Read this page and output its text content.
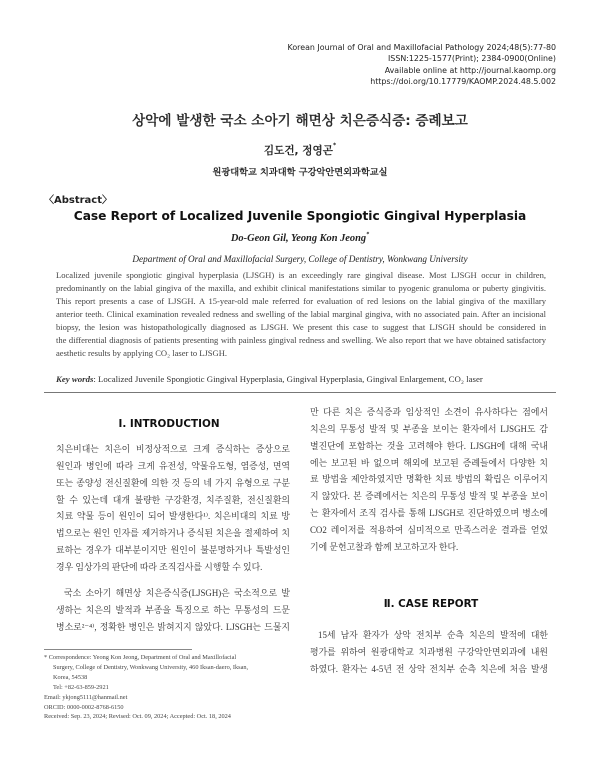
Korean Journal of Oral and Maxillofacial Pathology 2024;48(5):77-80
ISSN:1225-1577(Print); 2384-0900(Online)
Available online at http://journal.kaomp.org
https://doi.org/10.17779/KAOMP.2024.48.5.002
상악에 발생한 국소 소아기 해면상 치은증식증: 증례보고
김도건, 정영곤*
원광대학교 치과대학 구강악안면외과학교실
〈Abstract〉
Case Report of Localized Juvenile Spongiotic Gingival Hyperplasia
Do-Geon Gil, Yeong Kon Jeong*
Department of Oral and Maxillofacial Surgery, College of Dentistry, Wonkwang University
Localized juvenile spongiotic gingival hyperplasia (LJSGH) is an exceedingly rare gingival disease. Most LJSGH occur in children,
predominantly on the labial gingiva of the maxilla, and exhibit clinical manifestations similar to pyogenic granuloma or puberty gingivitis.
This report presents a case of LJSGH. A 15-year-old male referred for evaluation of red lesions on the labial gingiva of the maxillary
anterior teeth. Clinical examination revealed redness and swelling of the labial marginal gingiva, with no associated pain. After an incisional
biopsy, the lesion was histopathologically diagnosed as LJSGH. We present this case to suggest that LJSGH should be considered in
the differential diagnosis of patients presenting with painless gingival redness and swelling. We also report that we have obtained satisfactory
aesthetic results by applying CO₂ laser to LJSGH.
Key words: Localized Juvenile Spongiotic Gingival Hyperplasia, Gingival Hyperplasia, Gingival Enlargement, CO₂ laser
Ⅰ. INTRODUCTION
치은비대는 치은이 비정상적으로 크게 증식하는 증상으로
원인과 병인에 따라 크게 유전성, 약물유도형, 염증성, 면역
또는 종양성 전신질환에 의한 것 등의 네 가지 유형으로 구분
할 수 있는데 대개 불량한 구강환경, 치주질환, 전신질환의
치료 약물 등이 원인이 되어 발생한다¹⁾. 치은비대의 치료 방
법으로는 원인 인자를 제거하거나 증식된 치은을 절제하여 치
료하는 경우가 대부분이지만 원인이 불분명하거나 특발성인
경우 임상가의 판단에 따라 조직검사를 시행할 수 있다.
국소 소아기 해면상 치은증식증(LJSGH)은 국소적으로 발
생하는 치은의 발적과 부종을 특징으로 하는 무통성의 드문
병소로²⁻⁴⁾, 정확한 병인은 밝혀지지 않았다. LJSGH는 드물지
* Correspondence: Yeong Kon Jeong, Department of Oral and Maxillofacial
Surgery, College of Dentistry, Wonkwang University, 460 Iksan-daero, Iksan,
Korea, 54538
Tel: +82-63-859-2921
Email: ykjong5111@hanmail.net
ORCID: 0000-0002-8768-6150
Received: Sep. 23, 2024; Revised: Oct. 09, 2024; Accepted: Oct. 18, 2024
만 다른 치은 증식증과 임상적인 소견이 유사하다는 점에서
치은의 무통성 발적 및 부종을 보이는 환자에서 LJSGH도 감
별진단에 포함하는 것을 고려해야 한다. LJSGH에 대해 국내
에는 보고된 바 없으며 해외에 보고된 증례들에서 다양한 치
료 방법을 제안하였지만 명확한 치료 방법의 확립은 이루어지
지 않았다. 본 증례에서는 치은의 무통성 발적 및 부종을 보이
는 환자에서 조직 검사를 통해 LJSGH로 진단하였으며 병소에
CO2 레이저를 적용하여 심미적으로 만족스러운 결과를 얻었
기에 문헌고찰과 함께 보고하고자 한다.
Ⅱ. CASE REPORT
15세 남자 환자가 상악 전치부 순측 치은의 발적에 대한
평가를 위하여 원광대학교 치과병원 구강악안면외과에 내원
하였다. 환자는 4-5년 전 상악 전치부 순측 치은에 처음 발생
